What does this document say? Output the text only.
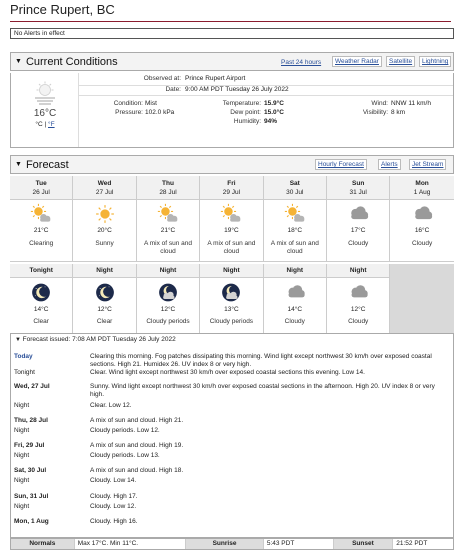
Prince Rupert, BC
No Alerts in effect
▼ Current Conditions	Past 24 hours	Weather Radar	Satellite	Lightning
16°C
°C | °F
Observed at: Prince Rupert Airport
Date: 9:00 AM PDT Tuesday 26 July 2022
Condition: Mist
Pressure: 102.0 kPa
Temperature: 15.9°C
Dew point: 15.0°C
Humidity: 94%
Wind: NNW 11 km/h
Visibility: 8 km
▼ Forecast	Hourly Forecast	Alerts	Jet Stream
Tue
26 Jul
21°C
Clearing
Wed
27 Jul
20°C
Sunny
Thu
28 Jul
21°C
A mix of sun and cloud
Fri
29 Jul
19°C
A mix of sun and cloud
Sat
30 Jul
18°C
A mix of sun and cloud
Sun
31 Jul
17°C
Cloudy
Mon
1 Aug
16°C
Cloudy
Tonight
14°C
Clear
Night
12°C
Clear
Night
12°C
Cloudy periods
Night
13°C
Cloudy periods
Night
14°C
Cloudy
Night
12°C
Cloudy
▼ Forecast issued: 7:08 AM PDT Tuesday 26 July 2022
Today	Clearing this morning. Fog patches dissipating this morning. Wind light except northwest 30 km/h over exposed coastal sections. High 21. Humidex 26. UV index 8 or very high.
Tonight	Clear. Wind light except northwest 30 km/h over exposed coastal sections this evening. Low 14.
Wed, 27 Jul	Sunny. Wind light except northwest 30 km/h over exposed coastal sections in the afternoon. High 20. UV index 8 or very high.
Night	Clear. Low 12.
Thu, 28 Jul	A mix of sun and cloud. High 21.
Night	Cloudy periods. Low 12.
Fri, 29 Jul	A mix of sun and cloud. High 19.
Night	Cloudy periods. Low 13.
Sat, 30 Jul	A mix of sun and cloud. High 18.
Night	Cloudy. Low 14.
Sun, 31 Jul	Cloudy. High 17.
Night	Cloudy. Low 12.
Mon, 1 Aug	Cloudy. High 16.
Normals	Max 17°C. Min 11°C.	Sunrise	5:43 PDT	Sunset	21:52 PDT
